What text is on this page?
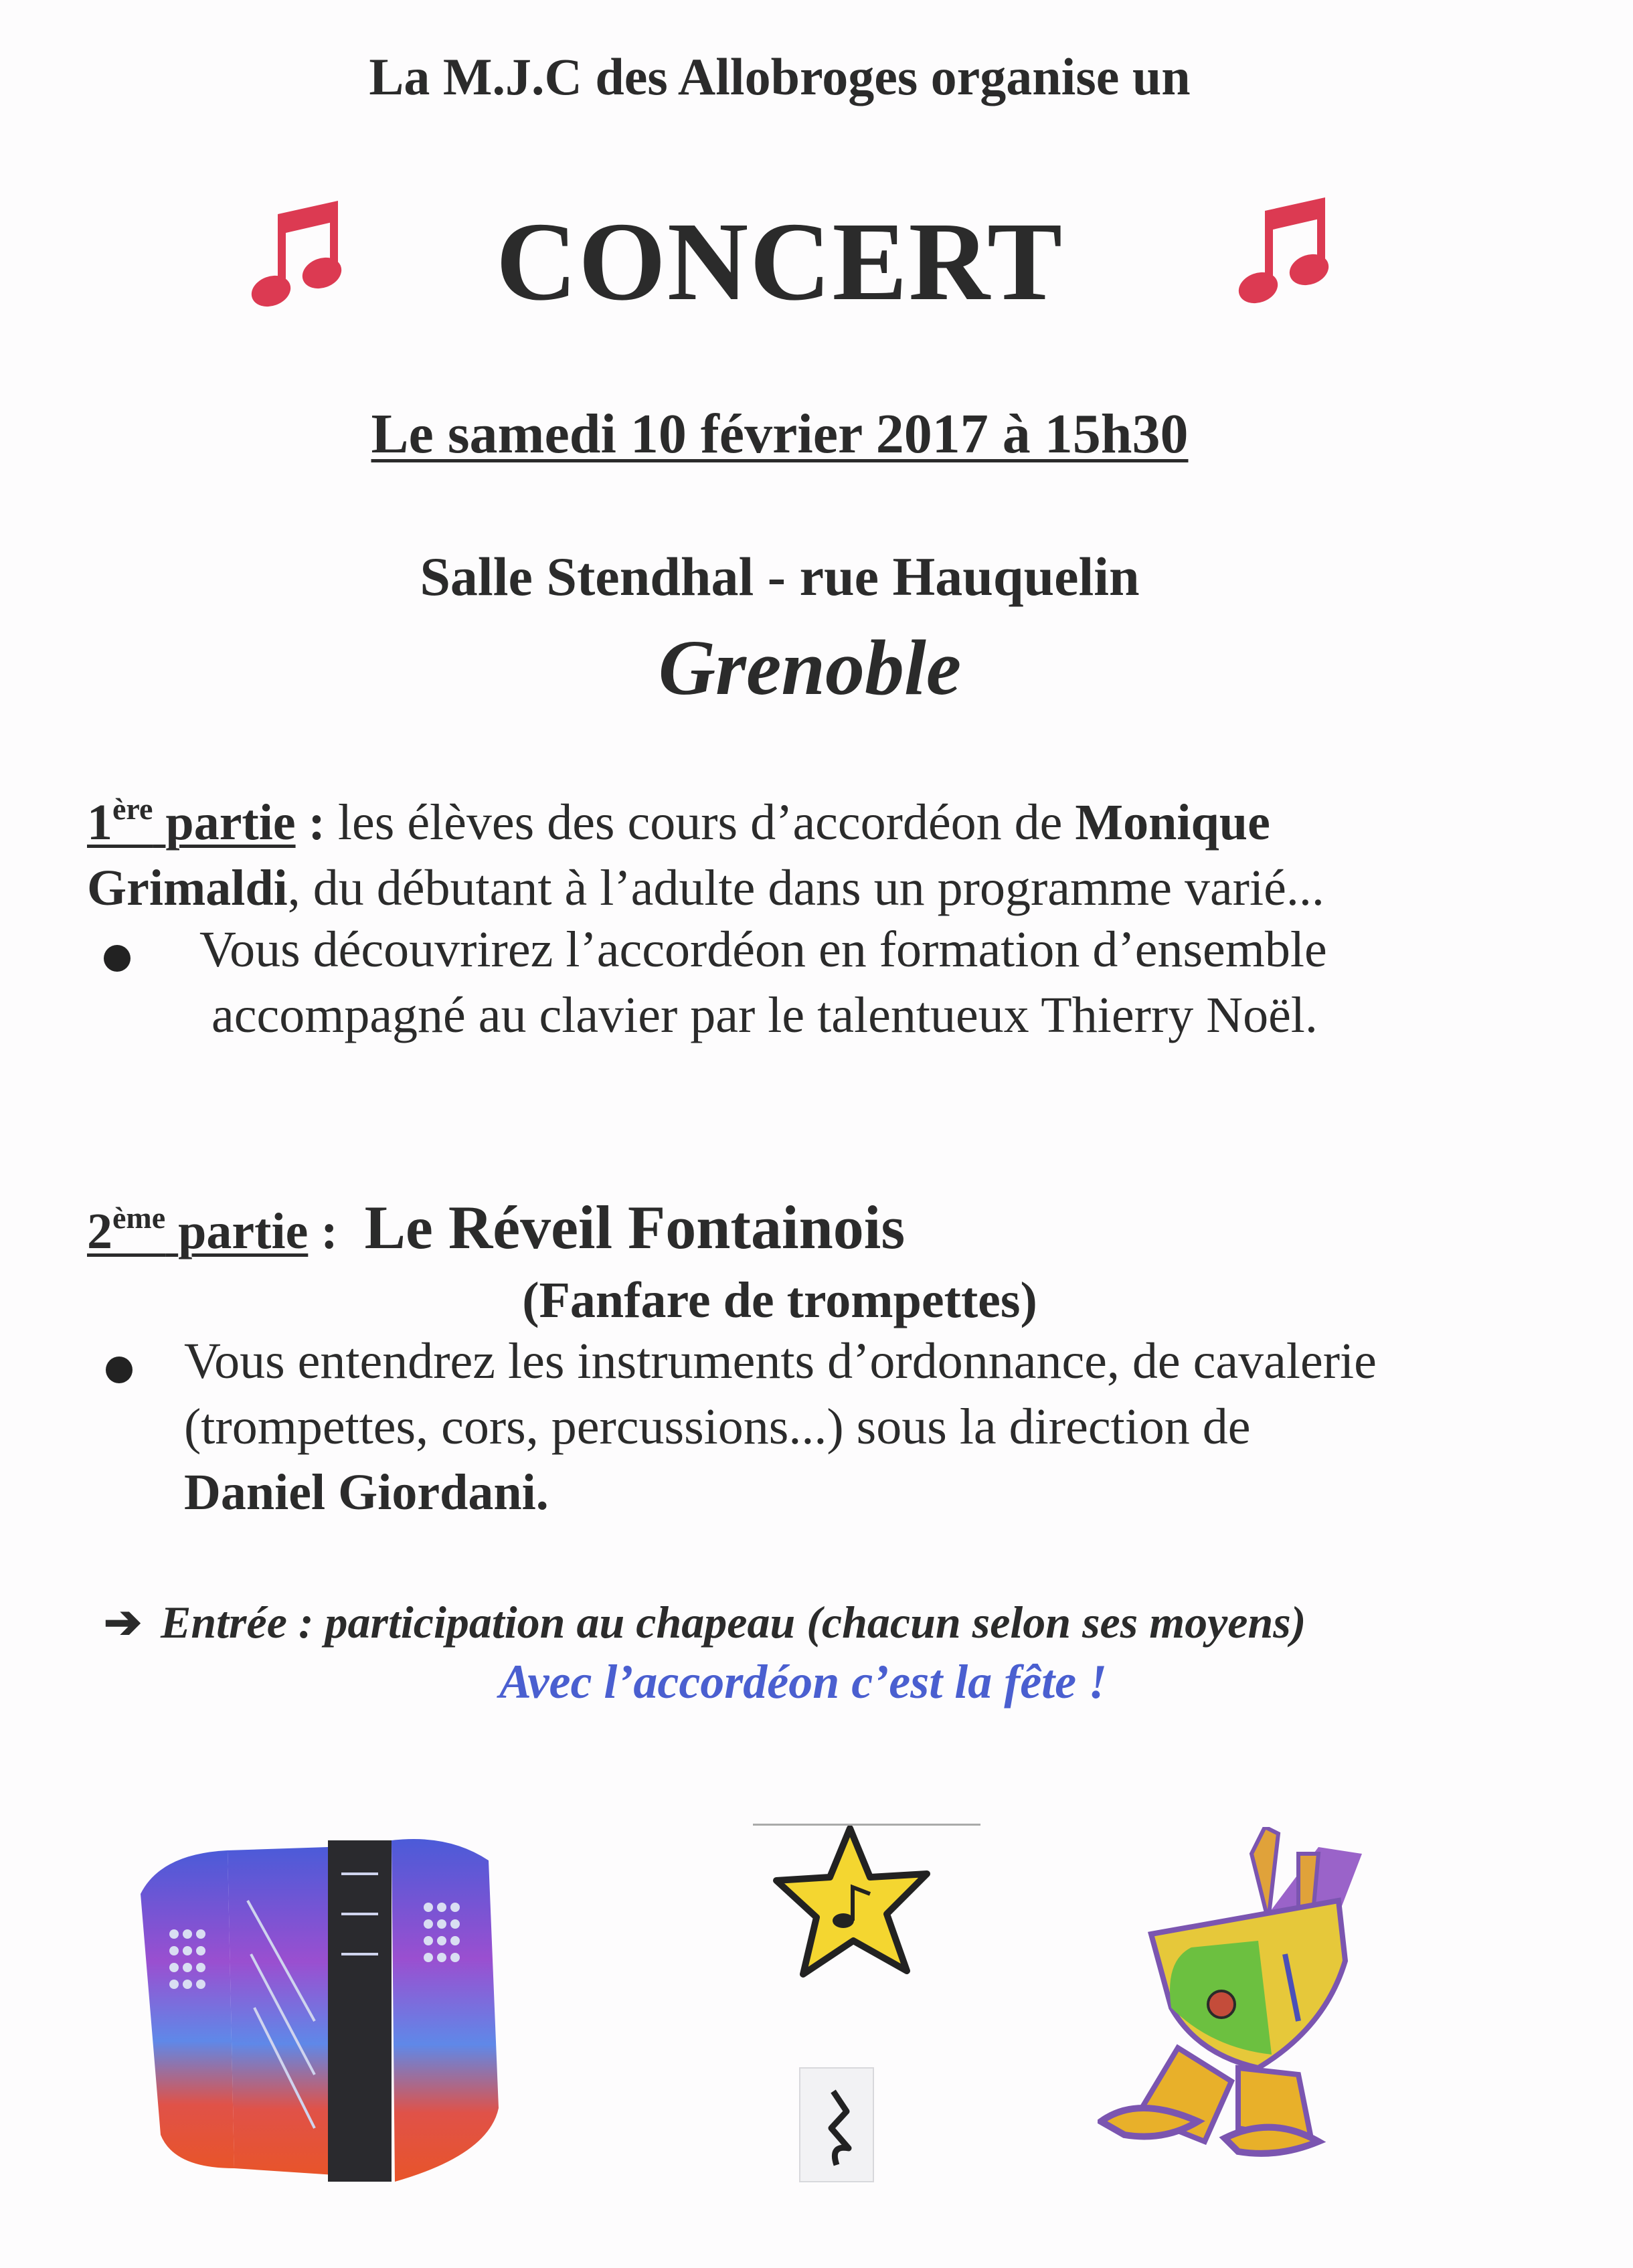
La M.J.C des Allobroges organise un
CONCERT
Le samedi 10 février 2017 à 15h30
Salle Stendhal - rue Hauquelin
Grenoble
1ère partie : les élèves des cours d’accordéon de Monique
Grimaldi, du débutant à l’adulte dans un programme varié...
Vous découvrirez l’accordéon en formation d’ensemble
accompagné au clavier par le talentueux Thierry Noël.
2ème partie : Le Réveil Fontainois
(Fanfare de trompettes)
Vous entendrez les instruments d’ordonnance, de cavalerie
(trompettes, cors, percussions...) sous la direction de
Daniel Giordani.
➔ Entrée : participation au chapeau (chacun selon ses moyens)
Avec l’accordéon c’est la fête !
